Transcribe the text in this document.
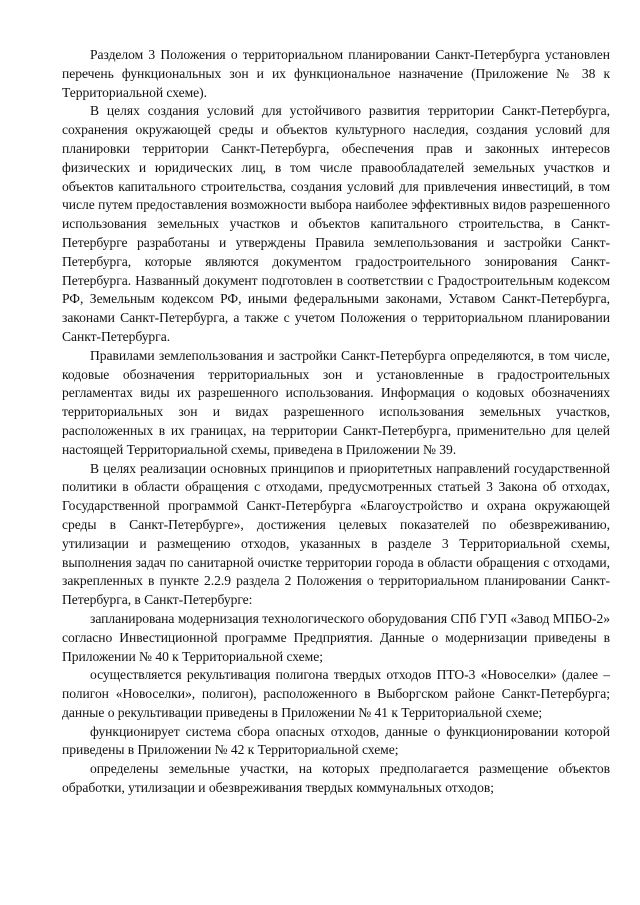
Разделом 3 Положения о территориальном планировании Санкт-Петербурга установлен перечень функциональных зон и их функциональное назначение (Приложение № 38 к Территориальной схеме).

В целях создания условий для устойчивого развития территории Санкт-Петербурга, сохранения окружающей среды и объектов культурного наследия, создания условий для планировки территории Санкт-Петербурга, обеспечения прав и законных интересов физических и юридических лиц, в том числе правообладателей земельных участков и объектов капитального строительства, создания условий для привлечения инвестиций, в том числе путем предоставления возможности выбора наиболее эффективных видов разрешенного использования земельных участков и объектов капитального строительства, в Санкт-Петербурге разработаны и утверждены Правила землепользования и застройки Санкт-Петербурга, которые являются документом градостроительного зонирования Санкт-Петербурга. Названный документ подготовлен в соответствии с Градостроительным кодексом РФ, Земельным кодексом РФ, иными федеральными законами, Уставом Санкт-Петербурга, законами Санкт-Петербурга, а также с учетом Положения о территориальном планировании Санкт-Петербурга.

Правилами землепользования и застройки Санкт-Петербурга определяются, в том числе, кодовые обозначения территориальных зон и установленные в градостроительных регламентах виды их разрешенного использования. Информация о кодовых обозначениях территориальных зон и видах разрешенного использования земельных участков, расположенных в их границах, на территории Санкт-Петербурга, применительно для целей настоящей Территориальной схемы, приведена в Приложении № 39.

В целях реализации основных принципов и приоритетных направлений государственной политики в области обращения с отходами, предусмотренных статьей 3 Закона об отходах, Государственной программой Санкт-Петербурга «Благоустройство и охрана окружающей среды в Санкт-Петербурге», достижения целевых показателей по обезвреживанию, утилизации и размещению отходов, указанных в разделе 3 Территориальной схемы, выполнения задач по санитарной очистке территории города в области обращения с отходами, закрепленных в пункте 2.2.9 раздела 2 Положения о территориальном планировании Санкт-Петербурга, в Санкт-Петербурге:

запланирована модернизация технологического оборудования СПб ГУП «Завод МПБО-2» согласно Инвестиционной программе Предприятия. Данные о модернизации приведены в Приложении № 40 к Территориальной схеме;

осуществляется рекультивация полигона твердых отходов ПТО-3 «Новоселки» (далее – полигон «Новоселки», полигон), расположенного в Выборгском районе Санкт-Петербурга; данные о рекультивации приведены в Приложении № 41 к Территориальной схеме;

функционирует система сбора опасных отходов, данные о функционировании которой приведены в Приложении № 42 к Территориальной схеме;

определены земельные участки, на которых предполагается размещение объектов обработки, утилизации и обезвреживания твердых коммунальных отходов;
